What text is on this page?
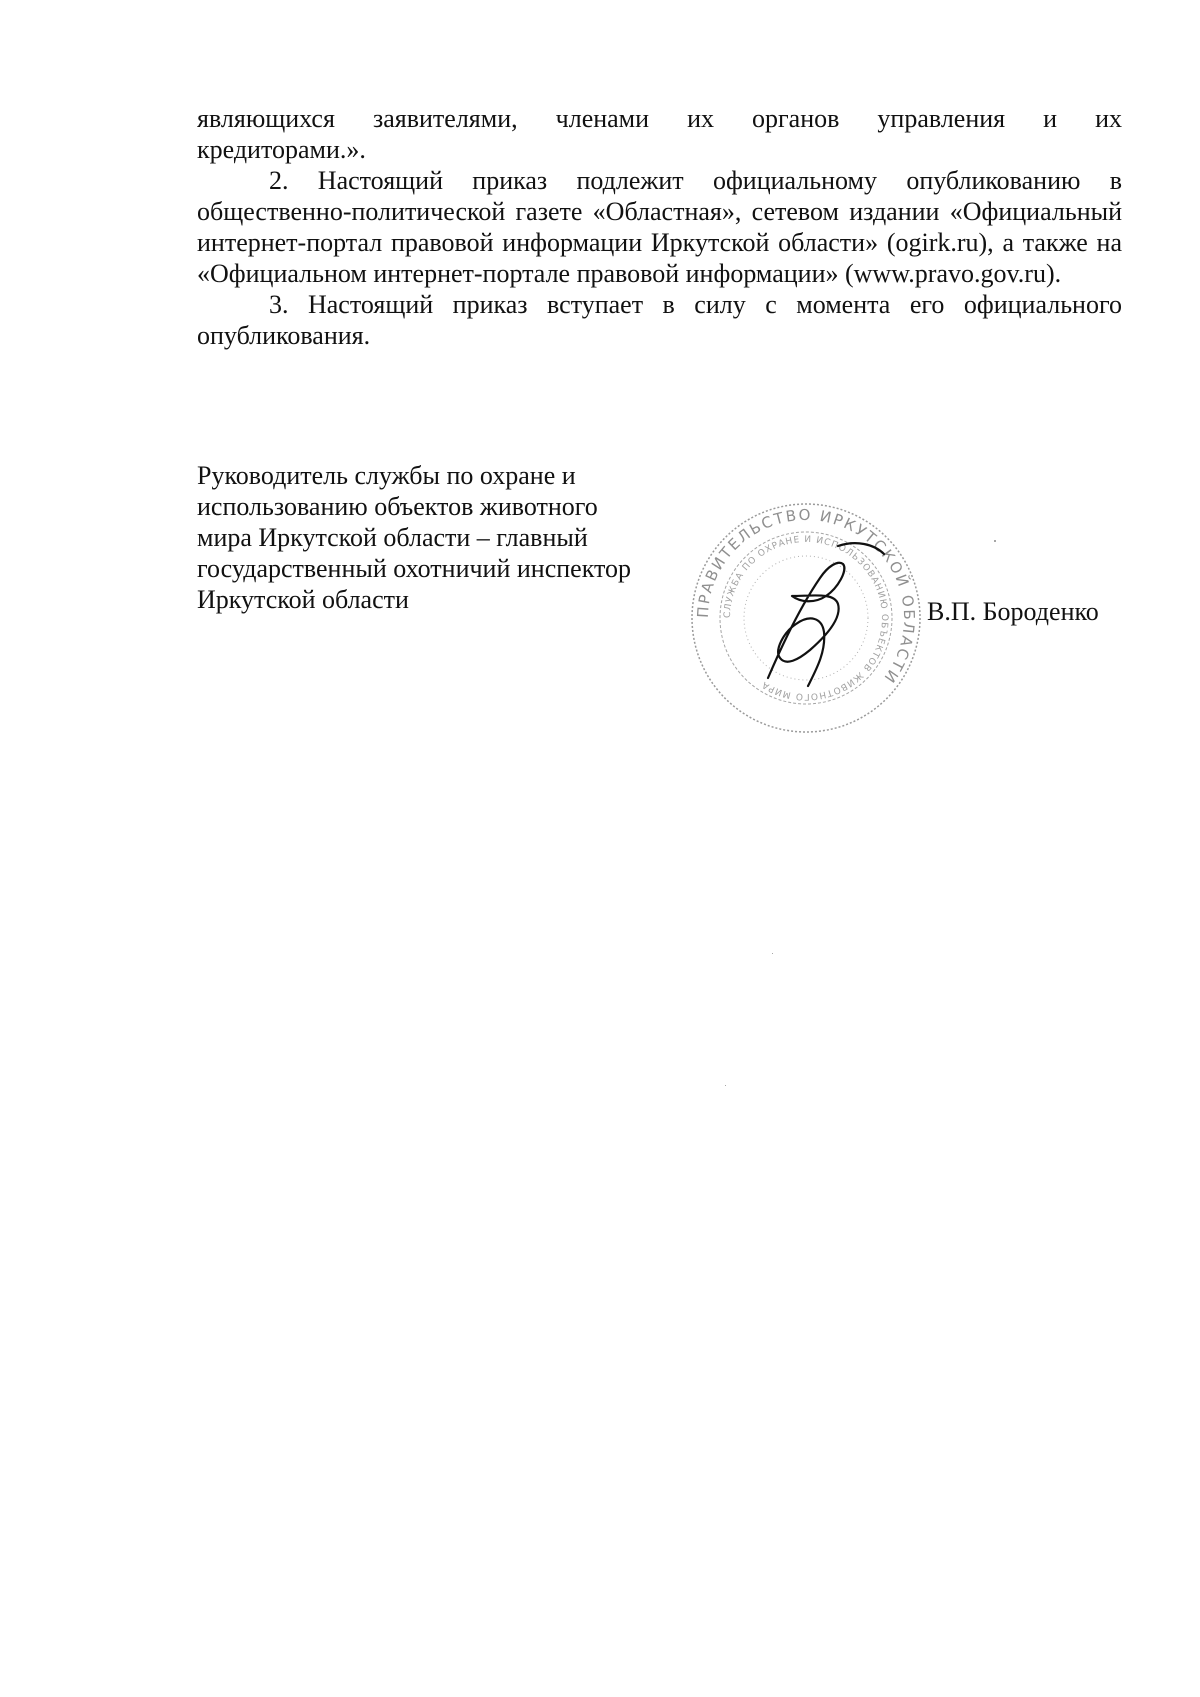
являющихся заявителями, членами их органов управления и их

кредиторами.».

2. Настоящий приказ подлежит официальному опубликованию в общественно-политической газете «Областная», сетевом издании «Официальный интернет-портал правовой информации Иркутской области» (ogirk.ru), а также на «Официальном интернет-портале правовой информации» (www.pravo.gov.ru).

3. Настоящий приказ вступает в силу с момента его официального опубликования.

Руководитель службы по охране и
использованию объектов животного
мира Иркутской области – главный
государственный охотничий инспектор
Иркутской области	ПРАВИТЕЛЬСТВО ИРКУТСКОЙ ОБЛАСТИ
СЛУЖБА ПО ОХРАНЕ И ИСПОЛЬЗОВАНИЮ ОБЪЕКТОВ ЖИВОТНОГО МИРА
В.П. Бороденко
